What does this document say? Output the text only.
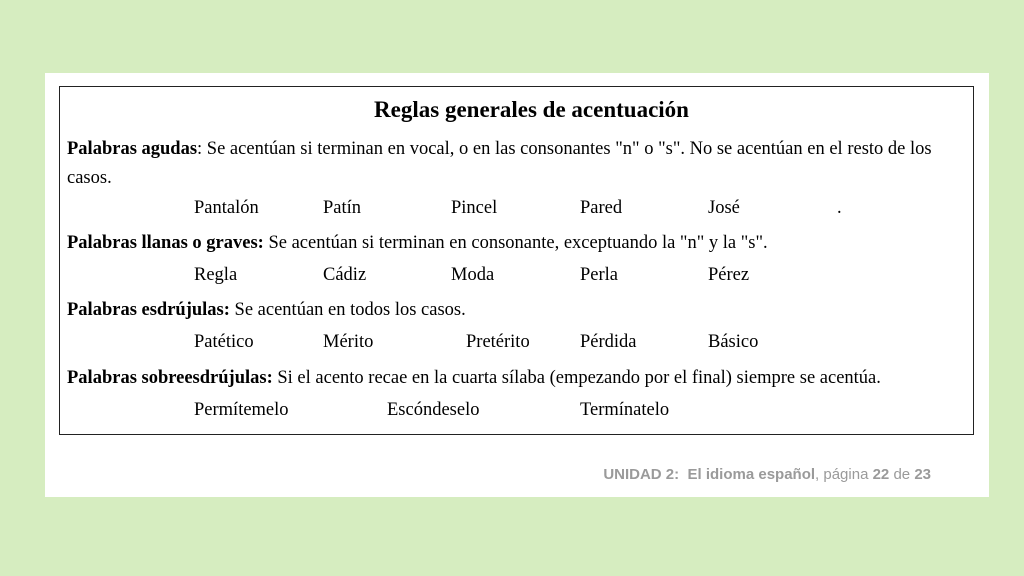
Reglas generales de acentuación
Palabras agudas: Se acentúan si terminan en vocal, o en las consonantes "n" o "s". No se acentúan en el resto de los casos.
Pantalón	Patín	Pincel	Pared	José	.
Palabras llanas o graves: Se acentúan si terminan en consonante, exceptuando la "n" y la "s".
Regla	Cádiz	Moda	Perla	Pérez
Palabras esdrújulas: Se acentúan en todos los casos.
Patético	Mérito	Pretérito	Pérdida	Básico
Palabras sobreesdrújulas: Si el acento recae en la cuarta sílaba (empezando por el final) siempre se acentúa.
Permítemelo	Escóndeselo	Termínatelo
UNIDAD 2: El idioma español, página 22 de 23
